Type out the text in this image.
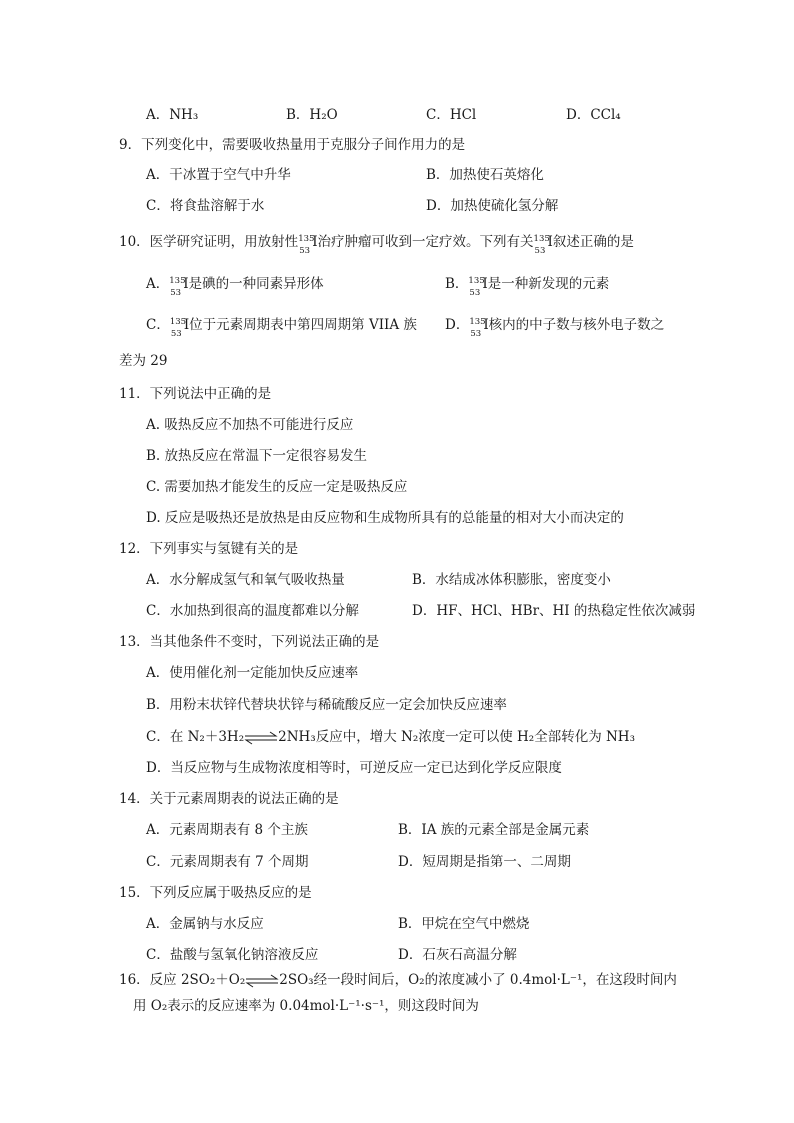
A．NH₃	B．H₂O	C．HCl	D．CCl₄
9．下列变化中，需要吸收热量用于克服分子间作用力的是
A．干冰置于空气中升华	B．加热使石英熔化
C．将食盐溶解于水	D．加热使硫化氢分解
10．医学研究证明，用放射性 135
53
I治疗肿瘤可收到一定疗效。下列有关 135
53
I叙述正确的是
A． 135
53
I是碘的一种同素异形体	B． 135
53
I是一种新发现的元素
C． 135
53
I位于元素周期表中第四周期第 VIIA 族 D． 135
53
I核内的中子数与核外电子数之
差为 29
11．下列说法中正确的是
A. 吸热反应不加热不可能进行反应
B. 放热反应在常温下一定很容易发生
C. 需要加热才能发生的反应一定是吸热反应
D. 反应是吸热还是放热是由反应物和生成物所具有的总能量的相对大小而决定的
12．下列事实与氢键有关的是
A．水分解成氢气和氧气吸收热量	B．水结成冰体积膨胀，密度变小
C．水加热到很高的温度都难以分解	D．HF、HCl、HBr、HI 的热稳定性依次减弱
13．当其他条件不变时，下列说法正确的是
A．使用催化剂一定能加快反应速率
B．用粉末状锌代替块状锌与稀硫酸反应一定会加快反应速率
C．在 N₂＋3H₂⇌2NH₃反应中，增大 N₂浓度一定可以使 H₂全部转化为 NH₃
D．当反应物与生成物浓度相等时，可逆反应一定已达到化学反应限度
14．关于元素周期表的说法正确的是
A．元素周期表有 8 个主族	B．ⅠA 族的元素全部是金属元素
C．元素周期表有 7 个周期	D．短周期是指第一、二周期
15．下列反应属于吸热反应的是
A．金属钠与水反应	B．甲烷在空气中燃烧
C．盐酸与氢氧化钠溶液反应	D．石灰石高温分解
16．反应 2SO₂＋O₂⇌2SO₃经一段时间后，O₂的浓度减小了 0.4mol·L⁻¹，在这段时间内
用 O₂表示的反应速率为 0.04mol·L⁻¹·s⁻¹，则这段时间为
